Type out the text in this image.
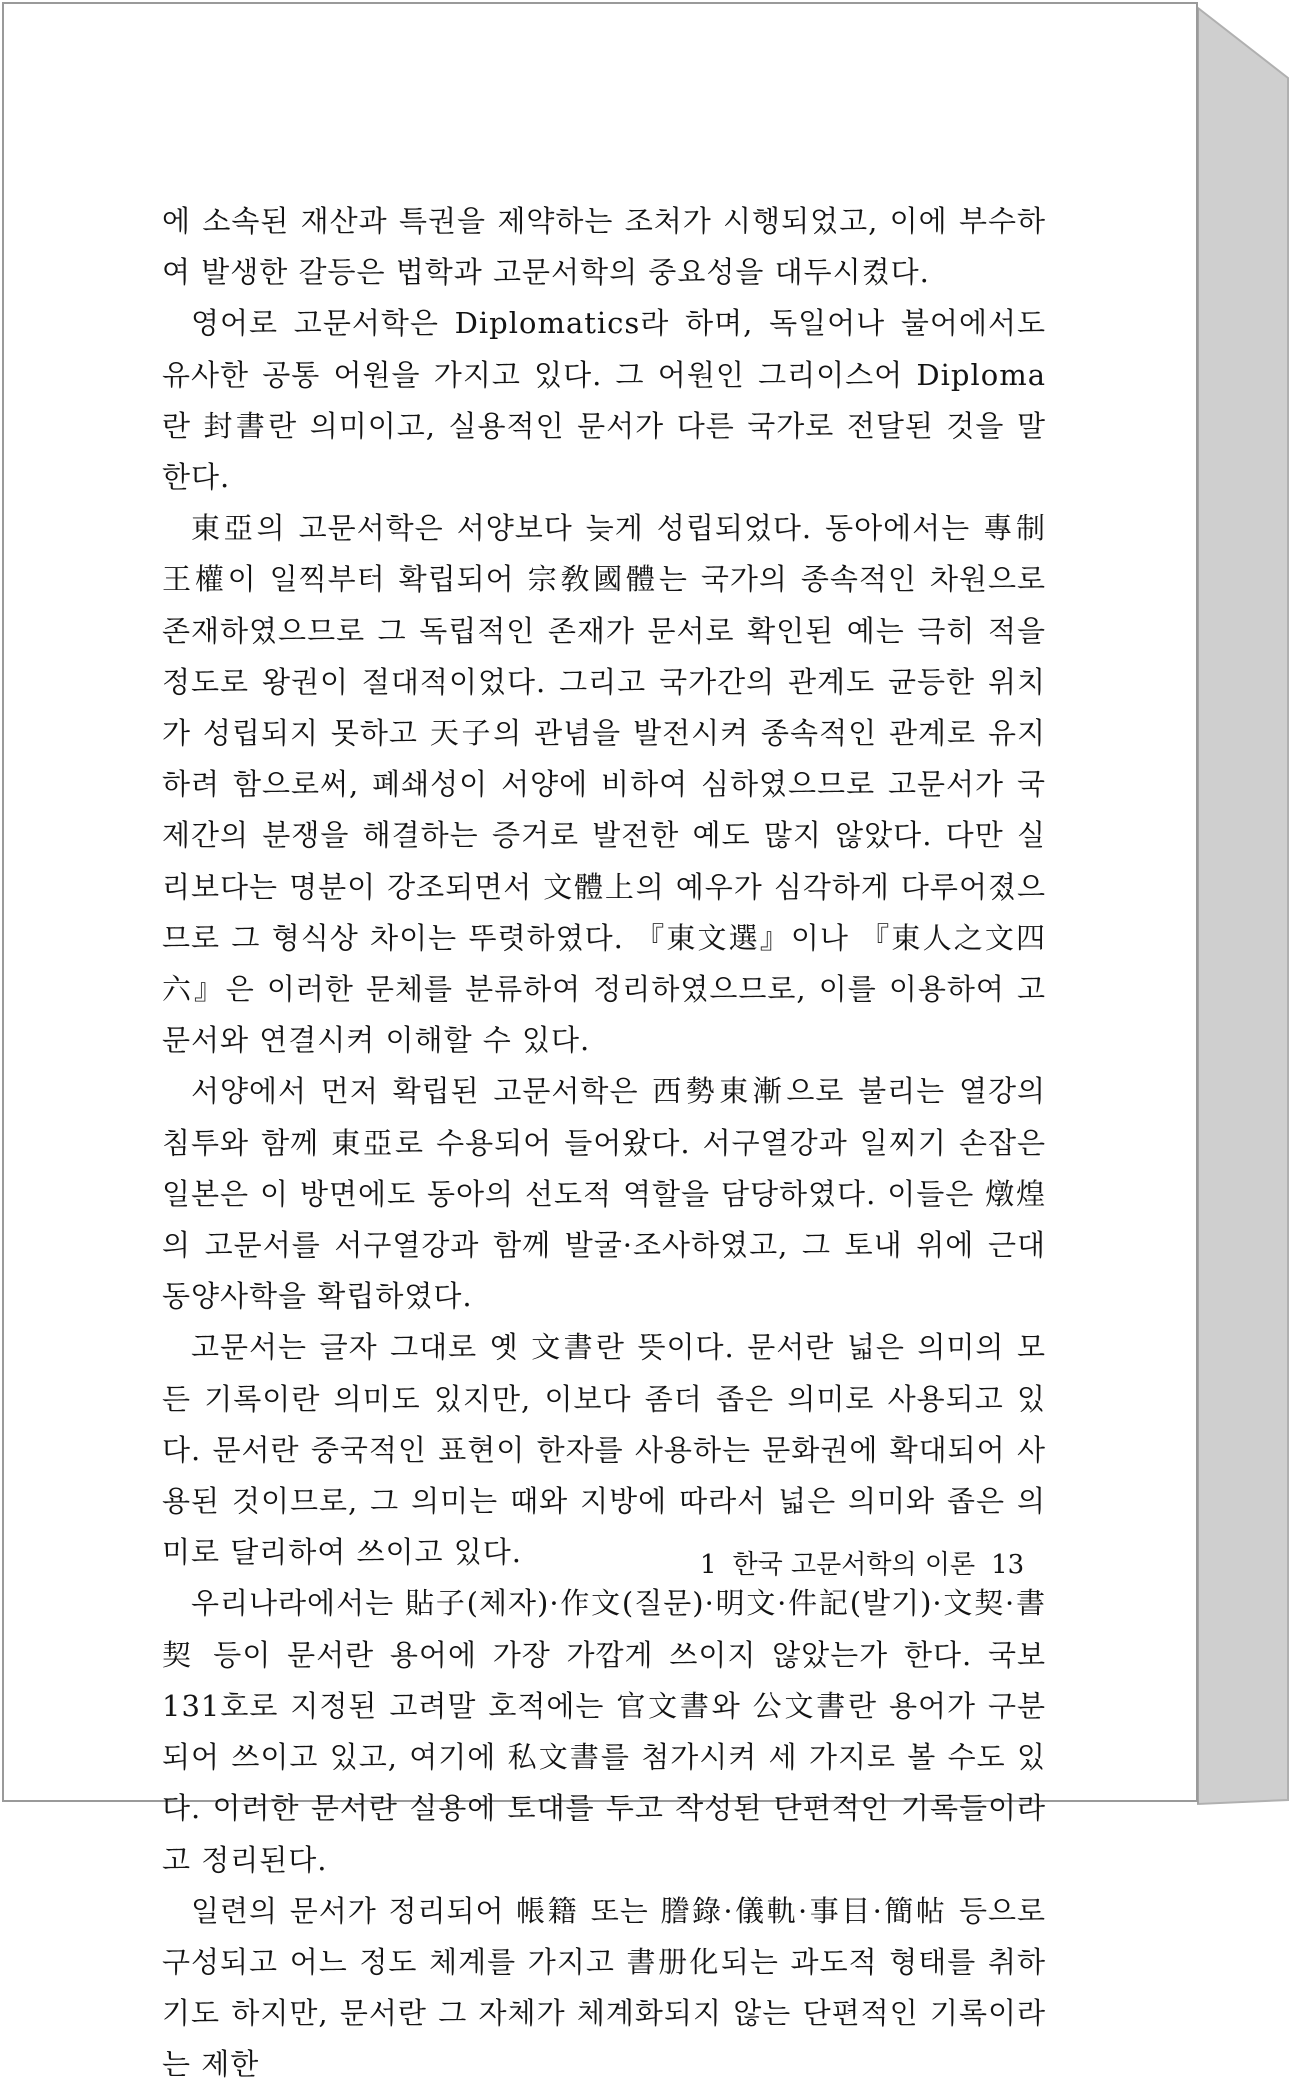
에 소속된 재산과 특권을 제약하는 조처가 시행되었고, 이에 부수하여 발생한 갈등은 법학과 고문서학의 중요성을 대두시켰다.

영어로 고문서학은 Diplomatics라 하며, 독일어나 불어에서도 유사한 공통 어원을 가지고 있다. 그 어원인 그리이스어 Diploma란 封書란 의미이고, 실용적인 문서가 다른 국가로 전달된 것을 말한다.

東亞의 고문서학은 서양보다 늦게 성립되었다. 동아에서는 專制王權이 일찍부터 확립되어 宗敎國體는 국가의 종속적인 차원으로 존재하였으므로 그 독립적인 존재가 문서로 확인된 예는 극히 적을 정도로 왕권이 절대적이었다. 그리고 국가간의 관계도 균등한 위치가 성립되지 못하고 天子의 관념을 발전시켜 종속적인 관계로 유지하려 함으로써, 폐쇄성이 서양에 비하여 심하였으므로 고문서가 국제간의 분쟁을 해결하는 증거로 발전한 예도 많지 않았다. 다만 실리보다는 명분이 강조되면서 文體上의 예우가 심각하게 다루어졌으므로 그 형식상 차이는 뚜렷하였다. 『東文選』이나 『東人之文四六』은 이러한 문체를 분류하여 정리하였으므로, 이를 이용하여 고문서와 연결시켜 이해할 수 있다.

서양에서 먼저 확립된 고문서학은 西勢東漸으로 불리는 열강의 침투와 함께 東亞로 수용되어 들어왔다. 서구열강과 일찌기 손잡은 일본은 이 방면에도 동아의 선도적 역할을 담당하였다. 이들은 燉煌의 고문서를 서구열강과 함께 발굴·조사하였고, 그 토내 위에 근대 동양사학을 확립하였다.

고문서는 글자 그대로 옛 文書란 뜻이다. 문서란 넓은 의미의 모든 기록이란 의미도 있지만, 이보다 좀더 좁은 의미로 사용되고 있다. 문서란 중국적인 표현이 한자를 사용하는 문화권에 확대되어 사용된 것이므로, 그 의미는 때와 지방에 따라서 넓은 의미와 좁은 의미로 달리하여 쓰이고 있다.

우리나라에서는 貼子(체자)·作文(질문)·明文·件記(발기)·文契·書契 등이 문서란 용어에 가장 가깝게 쓰이지 않았는가 한다. 국보 131호로 지정된 고려말 호적에는 官文書와 公文書란 용어가 구분되어 쓰이고 있고, 여기에 私文書를 첨가시켜 세 가지로 볼 수도 있다. 이러한 문서란 실용에 토대를 두고 작성된 단편적인 기록들이라고 정리된다.

일련의 문서가 정리되어 帳籍 또는 謄錄·儀軌·事目·簡帖 등으로 구성되고 어느 정도 체계를 가지고 書册化되는 과도적 형태를 취하기도 하지만, 문서란 그 자체가 체계화되지 않는 단편적인 기록이라는 제한

1 한국 고문서학의 이론 13
